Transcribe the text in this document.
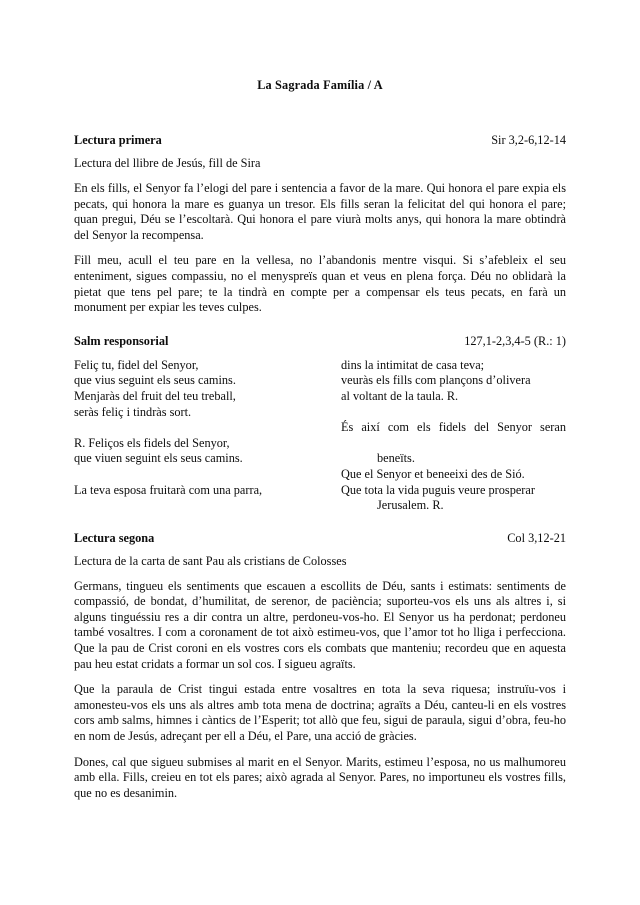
La Sagrada Família / A
Lectura primera	Sir 3,2-6,12-14
Lectura del llibre de Jesús, fill de Sira

En els fills, el Senyor fa l’elogi del pare i sentencia a favor de la mare. Qui honora el pare expia els pecats, qui honora la mare es guanya un tresor. Els fills seran la felicitat del qui honora el pare; quan pregui, Déu se l’escoltarà. Qui honora el pare viurà molts anys, qui honora la mare obtindrà del Senyor la recompensa.

Fill meu, acull el teu pare en la vellesa, no l’abandonis mentre visqui. Si s’afebleix el seu enteniment, sigues compassiu, no el menyspreïs quan et veus en plena força. Déu no oblidarà la pietat que tens pel pare; te la tindrà en compte per a compensar els teus pecats, en farà un monument per expiar les teves culpes.

Salm responsorial	127,1-2,3,4-5 (R.: 1)
Feliç tu, fidel del Senyor,
que vius seguint els seus camins.
Menjaràs del fruit del teu treball,
seràs feliç i tindràs sort.
R. Feliços els fidels del Senyor,
que viuen seguint els seus camins.
La teva esposa fruitarà com una parra,
dins la intimitat de casa teva;
veuràs els fills com plançons d’olivera
al voltant de la taula. R.
És així com els fidels del Senyor seran
beneïts.
Que el Senyor et beneeixi des de Sió.
Que tota la vida puguis veure prosperar
Jerusalem. R.
Lectura segona	Col 3,12-21
Lectura de la carta de sant Pau als cristians de Colosses

Germans, tingueu els sentiments que escauen a escollits de Déu, sants i estimats: sentiments de compassió, de bondat, d’humilitat, de serenor, de paciència; suporteu-vos els uns als altres i, si alguns tinguéssiu res a dir contra un altre, perdoneu-vos-ho. El Senyor us ha perdonat; perdoneu també vosaltres. I com a coronament de tot això estimeu-vos, que l’amor tot ho lliga i perfecciona. Que la pau de Crist coroni en els vostres cors els combats que manteniu; recordeu que en aquesta pau heu estat cridats a formar un sol cos. I sigueu agraïts.

Que la paraula de Crist tingui estada entre vosaltres en tota la seva riquesa; instruïu-vos i amonesteu-vos els uns als altres amb tota mena de doctrina; agraïts a Déu, canteu-li en els vostres cors amb salms, himnes i càntics de l’Esperit; tot allò que feu, sigui de paraula, sigui d’obra, feu-ho en nom de Jesús, adreçant per ell a Déu, el Pare, una acció de gràcies.

Dones, cal que sigueu submises al marit en el Senyor. Marits, estimeu l’esposa, no us malhumoreu amb ella. Fills, creieu en tot els pares; això agrada al Senyor. Pares, no importuneu els vostres fills, que no es desanimin.
